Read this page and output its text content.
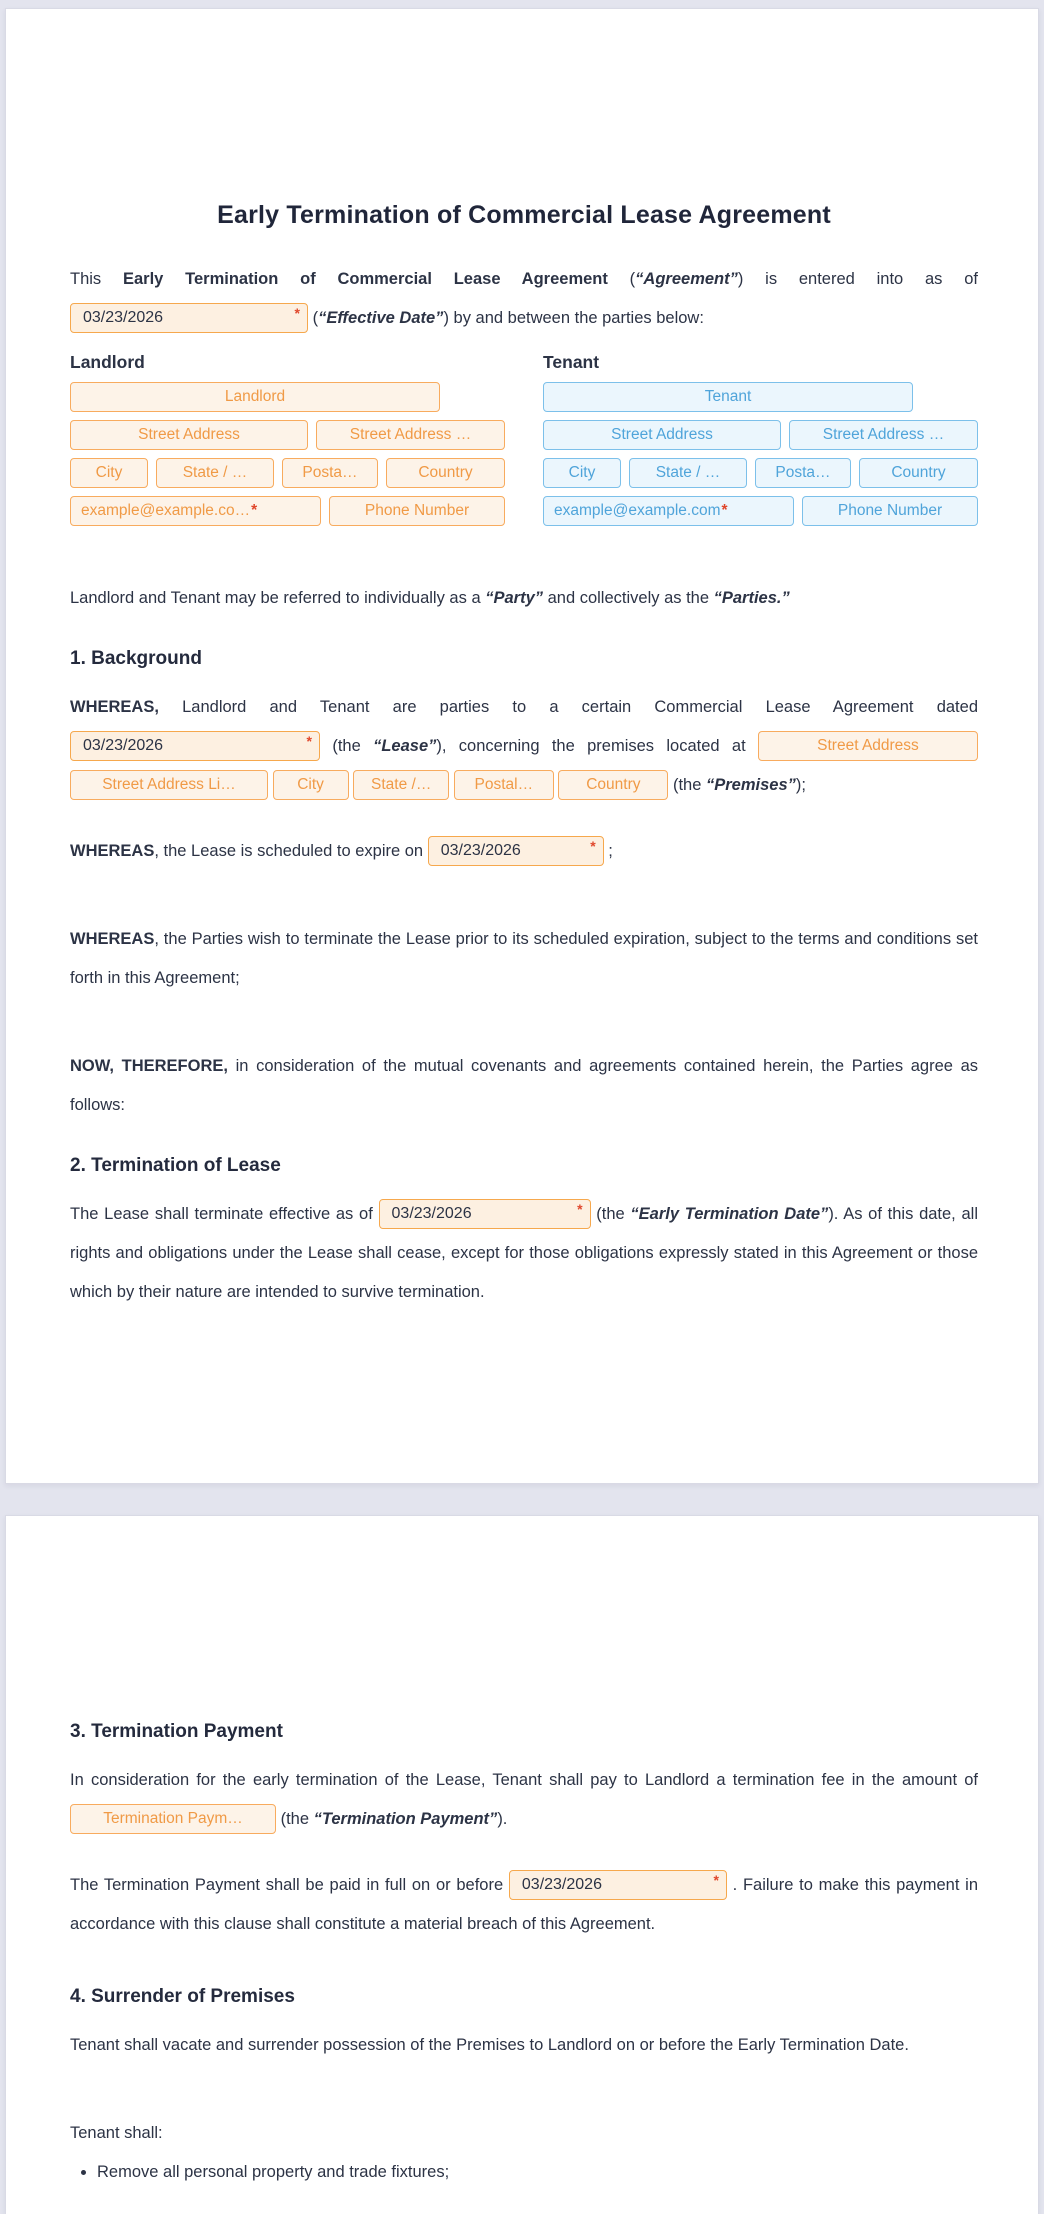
Early Termination of Commercial Lease Agreement

This Early Termination of Commercial Lease Agreement (“Agreement”) is entered into as of
03/23/2026	* (“Effective Date”) by and between the parties below:

Landlord
Landlord
Street Address	Street Address …
City	State / …	Posta…	Country
example@example.co… *	Phone Number
Tenant
Tenant
Street Address	Street Address …
City	State / …	Posta…	Country
example@example.com *	Phone Number

Landlord and Tenant may be referred to individually as a “Party” and collectively as the “Parties.”

1. Background

WHEREAS, Landlord and Tenant are parties to a certain Commercial Lease Agreement dated
03/23/2026	* (the “Lease”), concerning the premises located at	Street Address Street Address Li…	City	State /…	Postal…	Country (the “Premises”);

WHEREAS, the Lease is scheduled to expire on 03/23/2026	* ;

WHEREAS, the Parties wish to terminate the Lease prior to its scheduled expiration, subject to the terms and conditions set forth in this Agreement;

NOW, THEREFORE, in consideration of the mutual covenants and agreements contained herein, the Parties agree as follows:

2. Termination of Lease

The Lease shall terminate effective as of 03/23/2026	* (the “Early Termination Date”). As of this date, all rights and obligations under the Lease shall cease, except for those obligations expressly stated in this Agreement or those which by their nature are intended to survive termination.

3. Termination Payment

In consideration for the early termination of the Lease, Tenant shall pay to Landlord a termination fee in the amount of Termination Paym… (the “Termination Payment”).

The Termination Payment shall be paid in full on or before 03/23/2026	* . Failure to make this payment in accordance with this clause shall constitute a material breach of this Agreement.

4. Surrender of Premises

Tenant shall vacate and surrender possession of the Premises to Landlord on or before the Early Termination Date.

Tenant shall:

• Remove all personal property and trade fixtures;
